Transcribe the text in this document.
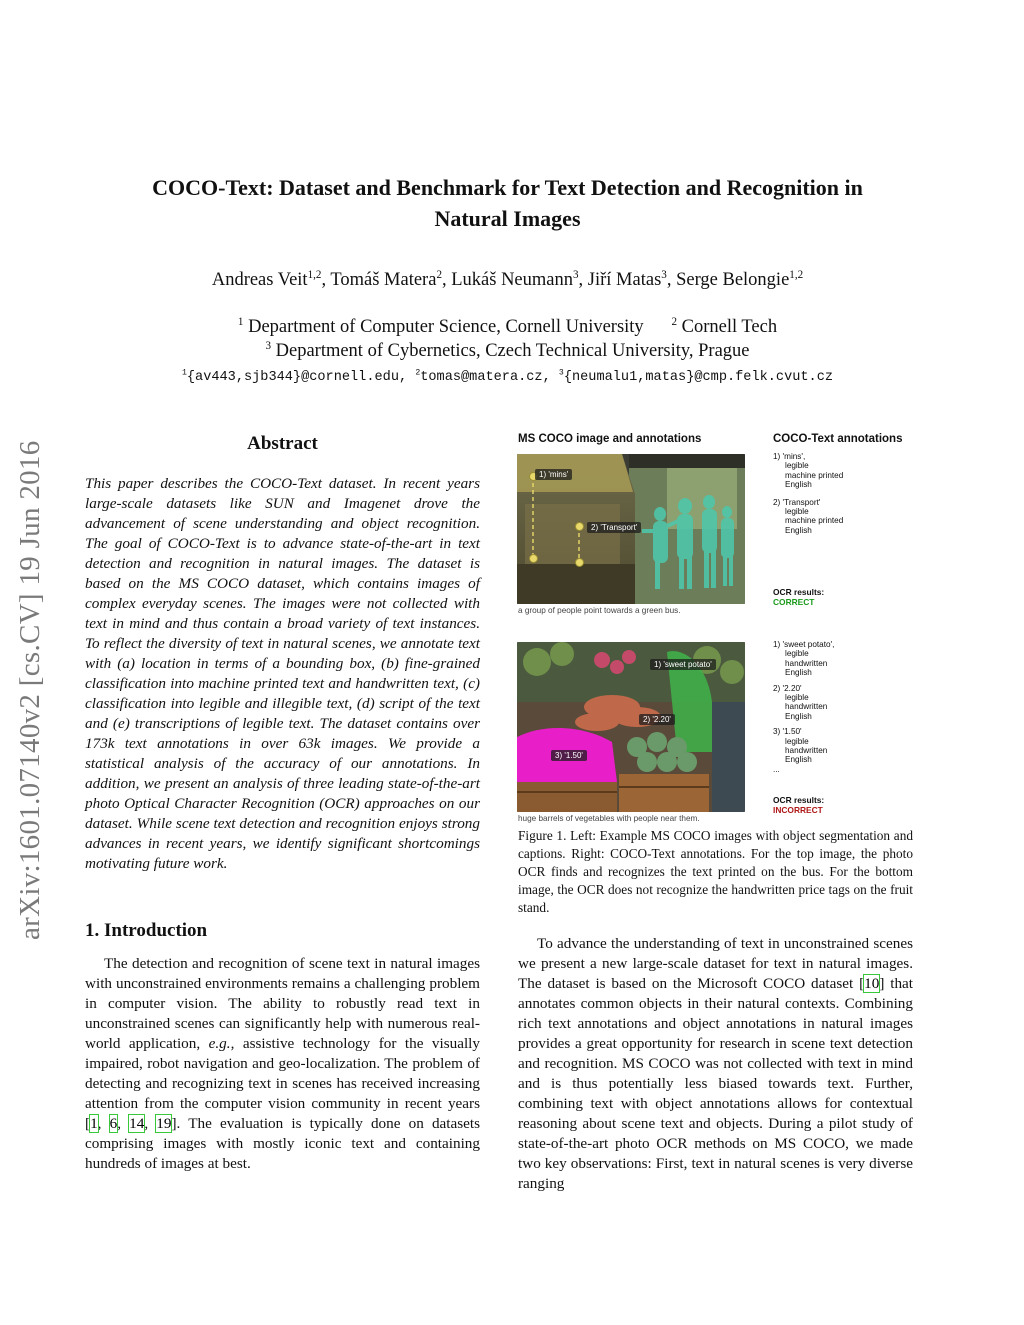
arXiv:1601.07140v2 [cs.CV] 19 Jun 2016
COCO-Text: Dataset and Benchmark for Text Detection and Recognition in
Natural Images
Andreas Veit$^{1,2}$, Tomáš Matera$^2$, Lukáš Neumann$^3$, Jiří Matas$^3$, Serge Belongie$^{1,2}$
$^1$ Department of Computer Science, Cornell University	$^2$ Cornell Tech
$^3$ Department of Cybernetics, Czech Technical University, Prague
$^1${av443,sjb344}@cornell.edu, $^2$tomas@matera.cz, $^3${neumalu1,matas}@cmp.felk.cvut.cz
Abstract
This paper describes the COCO-Text dataset. In recent years large-scale datasets like SUN and Imagenet drove the advancement of scene understanding and object recognition. The goal of COCO-Text is to advance state-of-the-art in text detection and recognition in natural images. The dataset is based on the MS COCO dataset, which contains images of complex everyday scenes. The images were not collected with text in mind and thus contain a broad variety of text instances. To reflect the diversity of text in natural scenes, we annotate text with (a) location in terms of a bounding box, (b) fine-grained classification into machine printed text and handwritten text, (c) classification into legible and illegible text, (d) script of the text and (e) transcriptions of legible text. The dataset contains over 173k text annotations in over 63k images. We provide a statistical analysis of the accuracy of our annotations. In addition, we present an analysis of three leading state-of-the-art photo Optical Character Recognition (OCR) approaches on our dataset. While scene text detection and recognition enjoys strong advances in recent years, we identify significant shortcomings motivating future work.
1. Introduction
The detection and recognition of scene text in natural images with unconstrained environments remains a challenging problem in computer vision. The ability to robustly read text in unconstrained scenes can significantly help with numerous real-world application, e.g., assistive technology for the visually impaired, robot navigation and geo-localization. The problem of detecting and recognizing text in scenes has received increasing attention from the computer vision community in recent years [1, 6, 14, 19]. The evaluation is typically done on datasets comprising images with mostly iconic text and containing hundreds of images at best.
MS COCO image and annotations	COCO-Text annotations
1) 'mins'
2) 'Transport'
a group of people point towards a green bus.
1) 'mins',
legible
machine printed
English
2) 'Transport'
legible
machine printed
English
OCR results:
CORRECT
1) 'sweet potato'
2) '2.20'
3) '1.50'
huge barrels of vegetables with people near them.
1) 'sweet potato',
legible
handwritten
English
2) '2.20'
legible
handwritten
English
3) '1.50'
legible
handwritten
English
...
OCR results:
INCORRECT
Figure 1. Left: Example MS COCO images with object segmentation and captions. Right: COCO-Text annotations. For the top image, the photo OCR finds and recognizes the text printed on the bus. For the bottom image, the OCR does not recognize the handwritten price tags on the fruit stand.
To advance the understanding of text in unconstrained scenes we present a new large-scale dataset for text in natural images. The dataset is based on the Microsoft COCO dataset [10] that annotates common objects in their natural contexts. Combining rich text annotations and object annotations in natural images provides a great opportunity for research in scene text detection and recognition. MS COCO was not collected with text in mind and is thus potentially less biased towards text. Further, combining text with object annotations allows for contextual reasoning about scene text and objects. During a pilot study of state-of-the-art photo OCR methods on MS COCO, we made two key observations: First, text in natural scenes is very diverse ranging
